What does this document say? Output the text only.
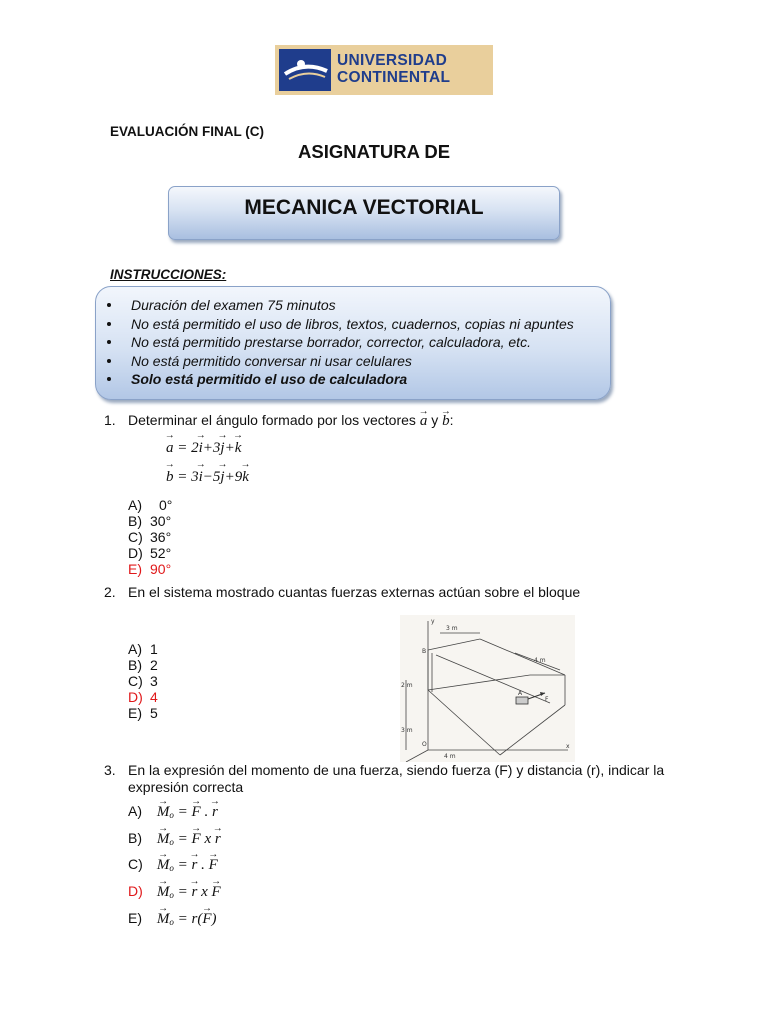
UNIVERSIDAD
CONTINENTAL
EVALUACIÓN FINAL (C)
ASIGNATURA DE
MECANICA VECTORIAL
INSTRUCCIONES:
Duración del examen 75 minutos
No está permitido el uso de libros, textos, cuadernos, copias ni apuntes
No está permitido prestarse borrador, corrector, calculadora, etc.
No está permitido conversar ni usar celulares
Solo está permitido el uso de calculadora
1. Determinar el ángulo formado por los vectores → a y → b:
→ a = 2→ i+3→ j+→ k
→ b = 3→ i−5→ j+9→ k
A) 0°
B) 30°
C) 36°
D) 52°
E) 90°
2. En el sistema mostrado cuantas fuerzas externas actúan sobre el bloque
A) 1
B) 2
C) 3
D) 4
E) 5
y
3 m
B
4 m
2 m
A
F
3 m
O
4 m
x
3. En la expresión del momento de una fuerza, siendo fuerza (F) y distancia (r), indicar la expresión correcta
$A) \to M_o$ = → F . → r
$B) \to M_o$ = → F x → r
$C) \to M_o$ = → r . → F
$D) \to M_o$ = → r x → F
$E) \to M_o = r(\to F)$
